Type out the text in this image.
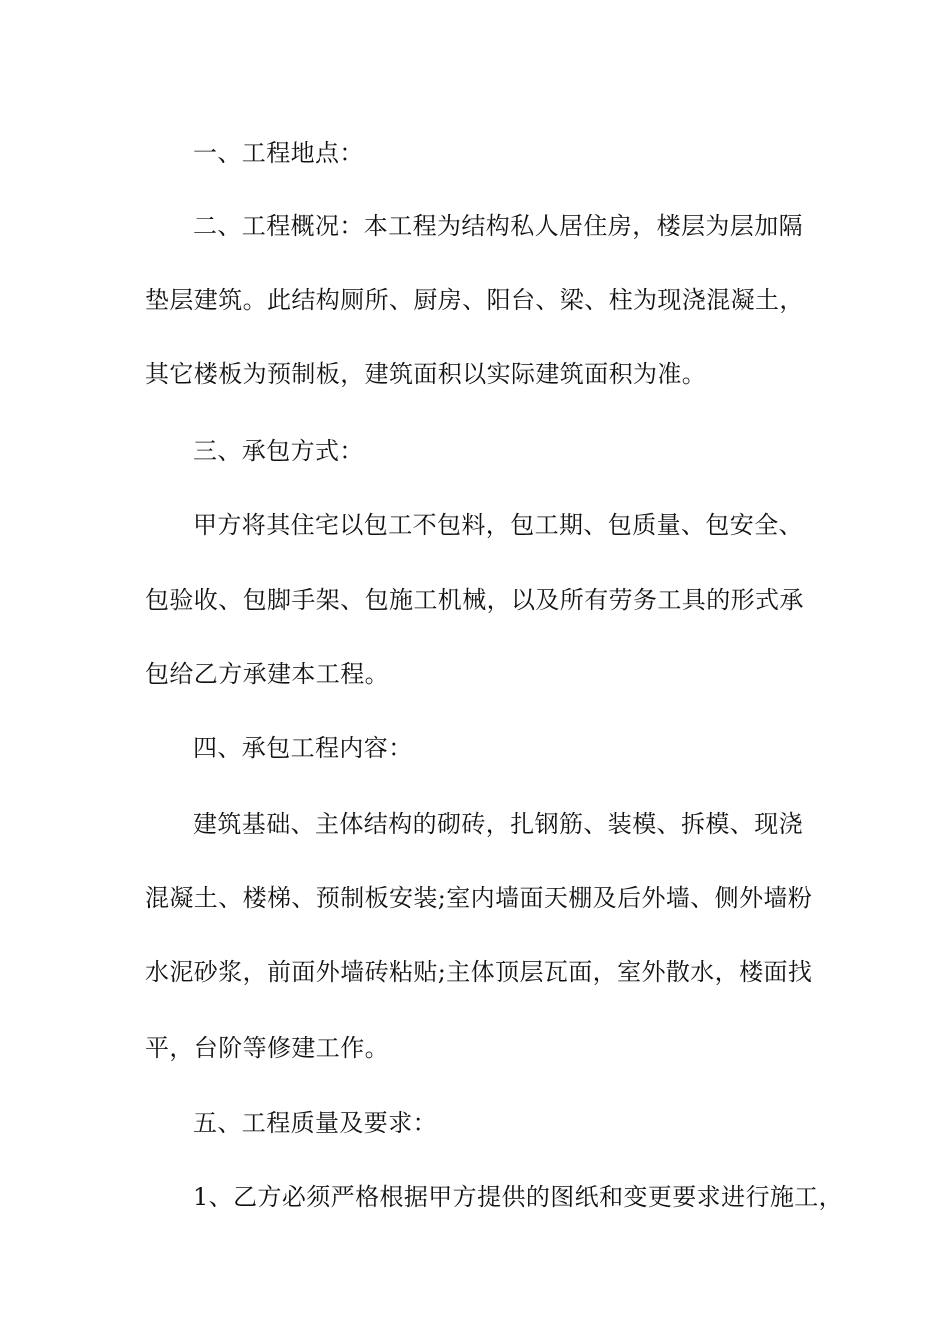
一、工程地点：
二、工程概况：本工程为结构私人居住房，楼层为层加隔
垫层建筑。此结构厕所、厨房、阳台、梁、柱为现浇混凝土，
其它楼板为预制板，建筑面积以实际建筑面积为准。
三、承包方式：
甲方将其住宅以包工不包料，包工期、包质量、包安全、
包验收、包脚手架、包施工机械，以及所有劳务工具的形式承
包给乙方承建本工程。
四、承包工程内容：
建筑基础、主体结构的砌砖，扎钢筋、装模、拆模、现浇
混凝土、楼梯、预制板安装;室内墙面天棚及后外墙、侧外墙粉
水泥砂浆，前面外墙砖粘贴;主体顶层瓦面，室外散水，楼面找
平，台阶等修建工作。
五、工程质量及要求：
1、乙方必须严格根据甲方提供的图纸和变更要求进行施工，
